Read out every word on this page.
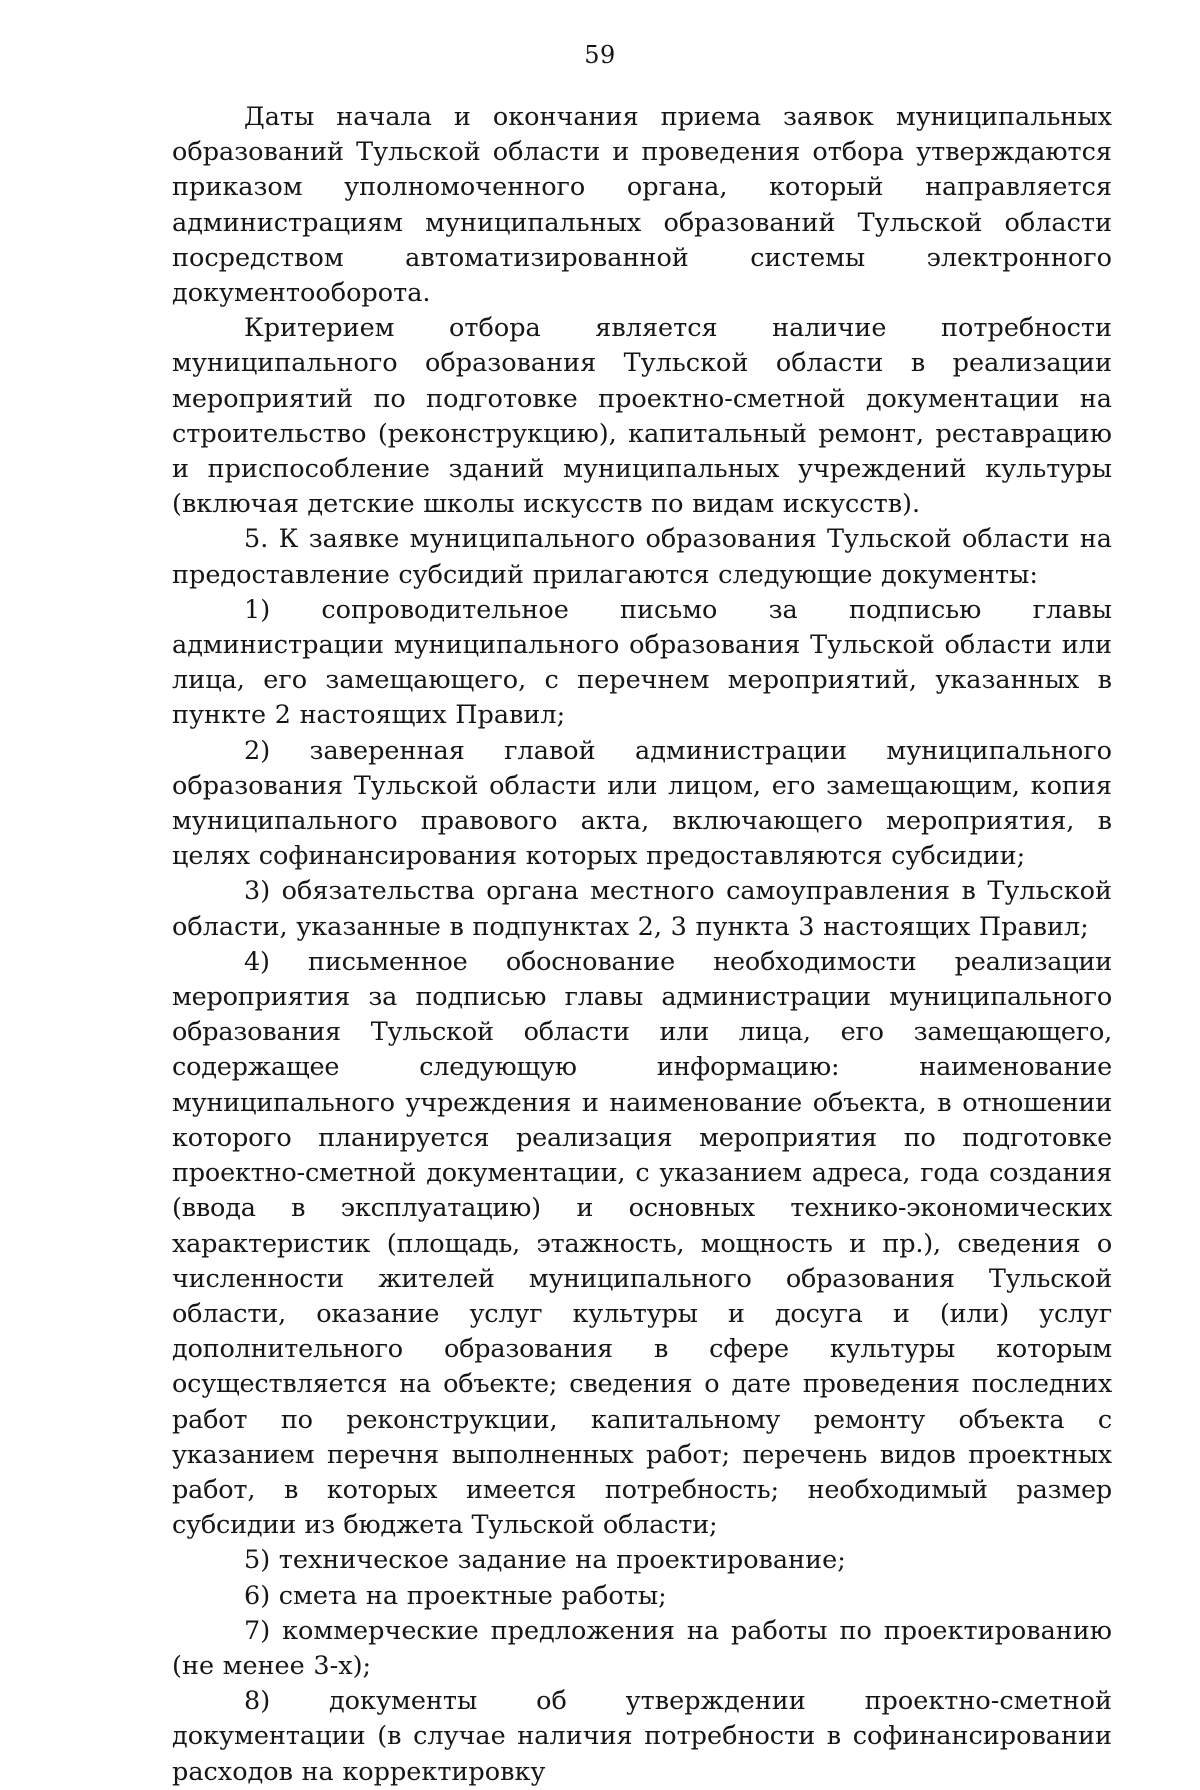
59

Даты начала и окончания приема заявок муниципальных образований Тульской области и проведения отбора утверждаются приказом уполномоченного органа, который направляется администрациям муниципальных образований Тульской области посредством автоматизированной системы электронного документооборота.

Критерием отбора является наличие потребности муниципального образования Тульской области в реализации мероприятий по подготовке проектно-сметной документации на строительство (реконструкцию), капитальный ремонт, реставрацию и приспособление зданий муниципальных учреждений культуры (включая детские школы искусств по видам искусств).

5. К заявке муниципального образования Тульской области на предоставление субсидий прилагаются следующие документы:

1) сопроводительное письмо за подписью главы администрации муниципального образования Тульской области или лица, его замещающего, с перечнем мероприятий, указанных в пункте 2 настоящих Правил;

2) заверенная главой администрации муниципального образования Тульской области или лицом, его замещающим, копия муниципального правового акта, включающего мероприятия, в целях софинансирования которых предоставляются субсидии;

3) обязательства органа местного самоуправления в Тульской области, указанные в подпунктах 2, 3 пункта 3 настоящих Правил;

4) письменное обоснование необходимости реализации мероприятия за подписью главы администрации муниципального образования Тульской области или лица, его замещающего, содержащее следующую информацию: наименование муниципального учреждения и наименование объекта, в отношении которого планируется реализация мероприятия по подготовке проектно-сметной документации, с указанием адреса, года создания (ввода в эксплуатацию) и основных технико-экономических характеристик (площадь, этажность, мощность и пр.), сведения о численности жителей муниципального образования Тульской области, оказание услуг культуры и досуга и (или) услуг дополнительного образования в сфере культуры которым осуществляется на объекте; сведения о дате проведения последних работ по реконструкции, капитальному ремонту объекта с указанием перечня выполненных работ; перечень видов проектных работ, в которых имеется потребность; необходимый размер субсидии из бюджета Тульской области;

5) техническое задание на проектирование;

6) смета на проектные работы;

7) коммерческие предложения на работы по проектированию (не менее 3-х);

8) документы об утверждении проектно-сметной документации (в случае наличия потребности в софинансировании расходов на корректировку
